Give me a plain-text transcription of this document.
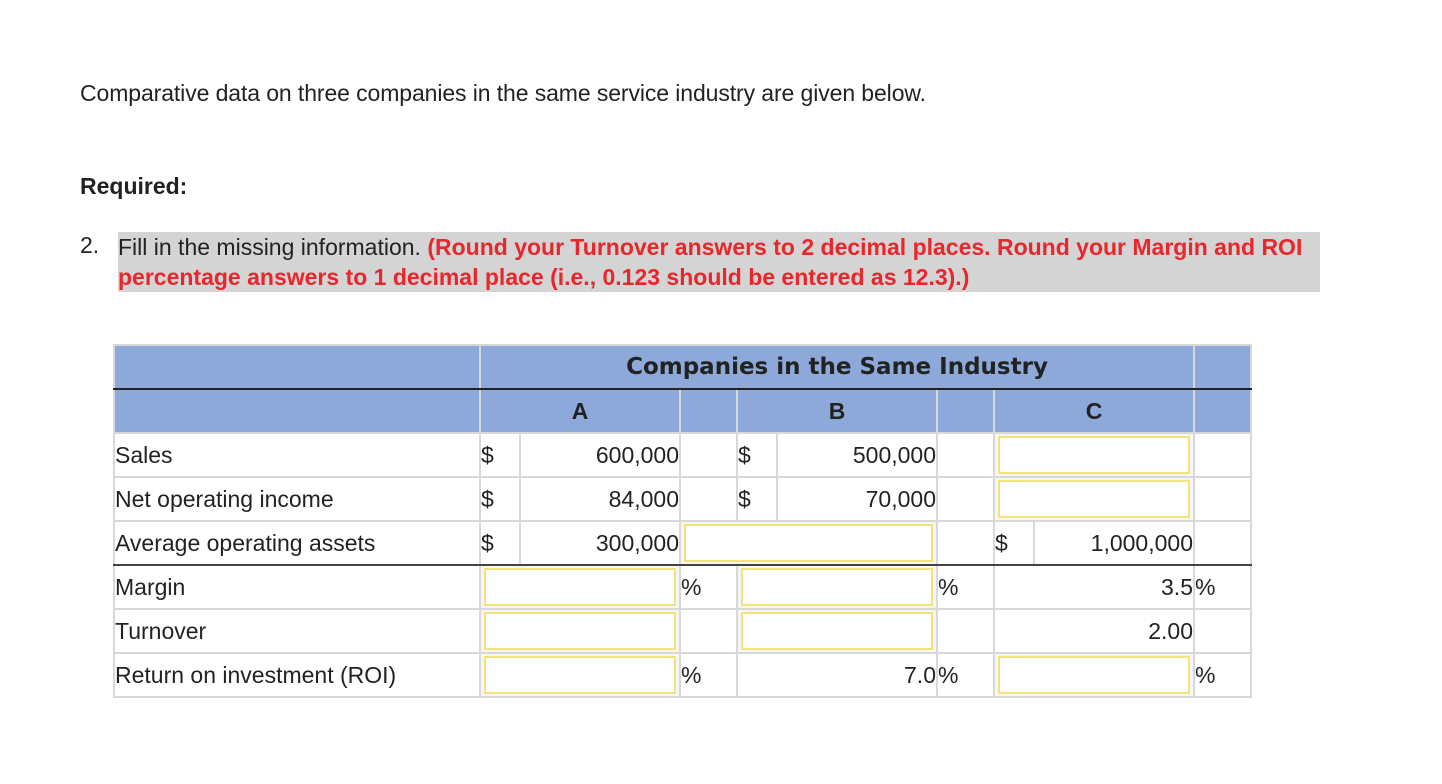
Comparative data on three companies in the same service industry are given below.
Required:
2. Fill in the missing information. (Round your Turnover answers to 2 decimal places. Round your Margin and ROI percentage answers to 1 decimal place (i.e., 0.123 should be entered as 12.3).)
	Companies in the Same Industry								
	A			B			C		
Sales	$	600,000		$	500,000		

Net operating income	$	84,000		$	70,000		

Average operating assets	$	300,000					$	1,000,000	
Margin			%			%	3.5		%
Turnover							2.00		
Return on investment (ROI)			%	7.0		%			%
